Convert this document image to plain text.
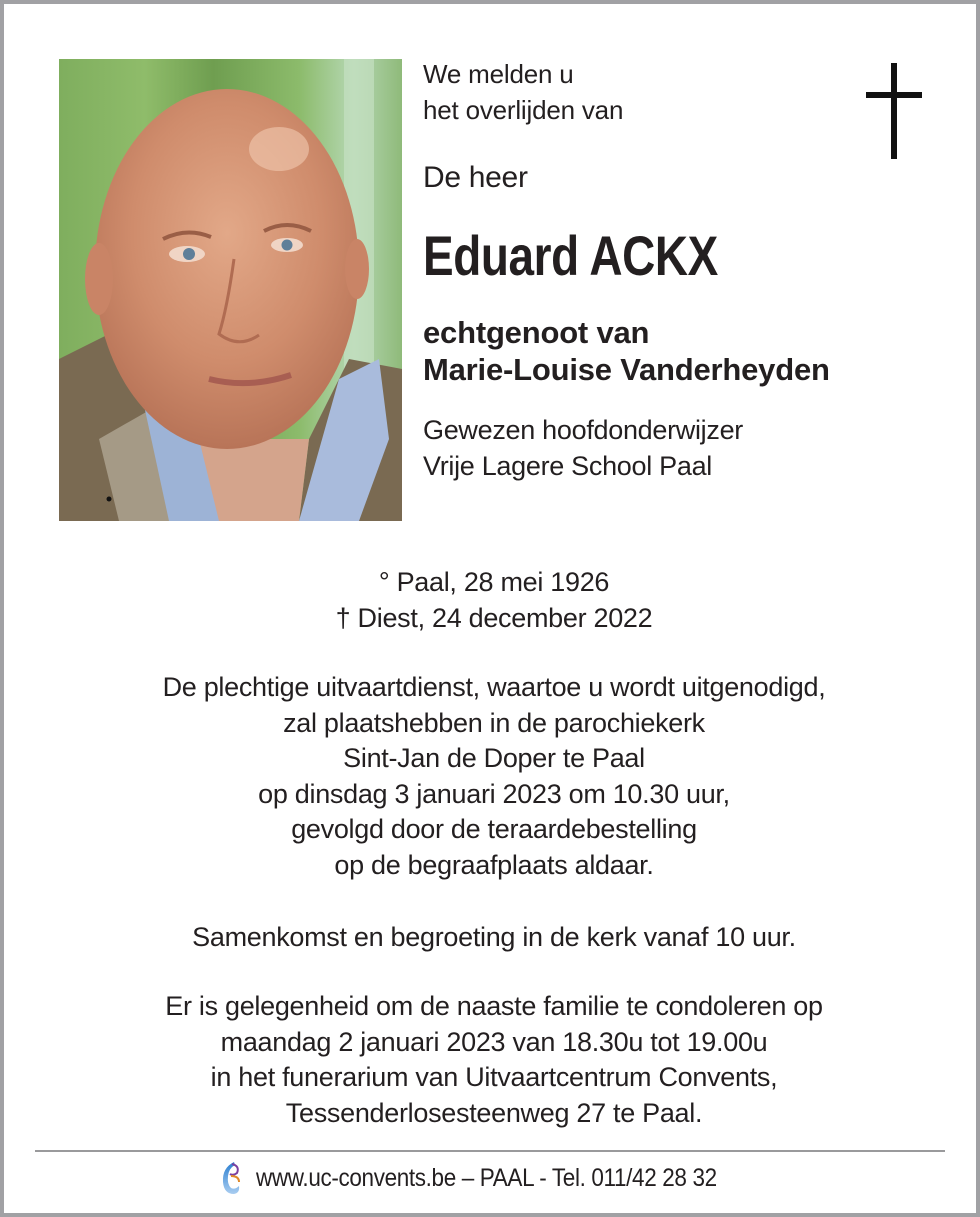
We melden u
het overlijden van
De heer
Eduard ACKX
echtgenoot van
Marie-Louise Vanderheyden
Gewezen hoofdonderwijzer
Vrije Lagere School Paal
° Paal, 28 mei 1926
† Diest, 24 december 2022
De plechtige uitvaartdienst, waartoe u wordt uitgenodigd,
zal plaatshebben in de parochiekerk
Sint-Jan de Doper te Paal
op dinsdag 3 januari 2023 om 10.30 uur,
gevolgd door de teraardebestelling
op de begraafplaats aldaar.
Samenkomst en begroeting in de kerk vanaf 10 uur.
Er is gelegenheid om de naaste familie te condoleren op
maandag 2 januari 2023 van 18.30u tot 19.00u
in het funerarium van Uitvaartcentrum Convents,
Tessenderlosesteenweg 27 te Paal.
www.uc-convents.be – PAAL - Tel. 011/42 28 32
